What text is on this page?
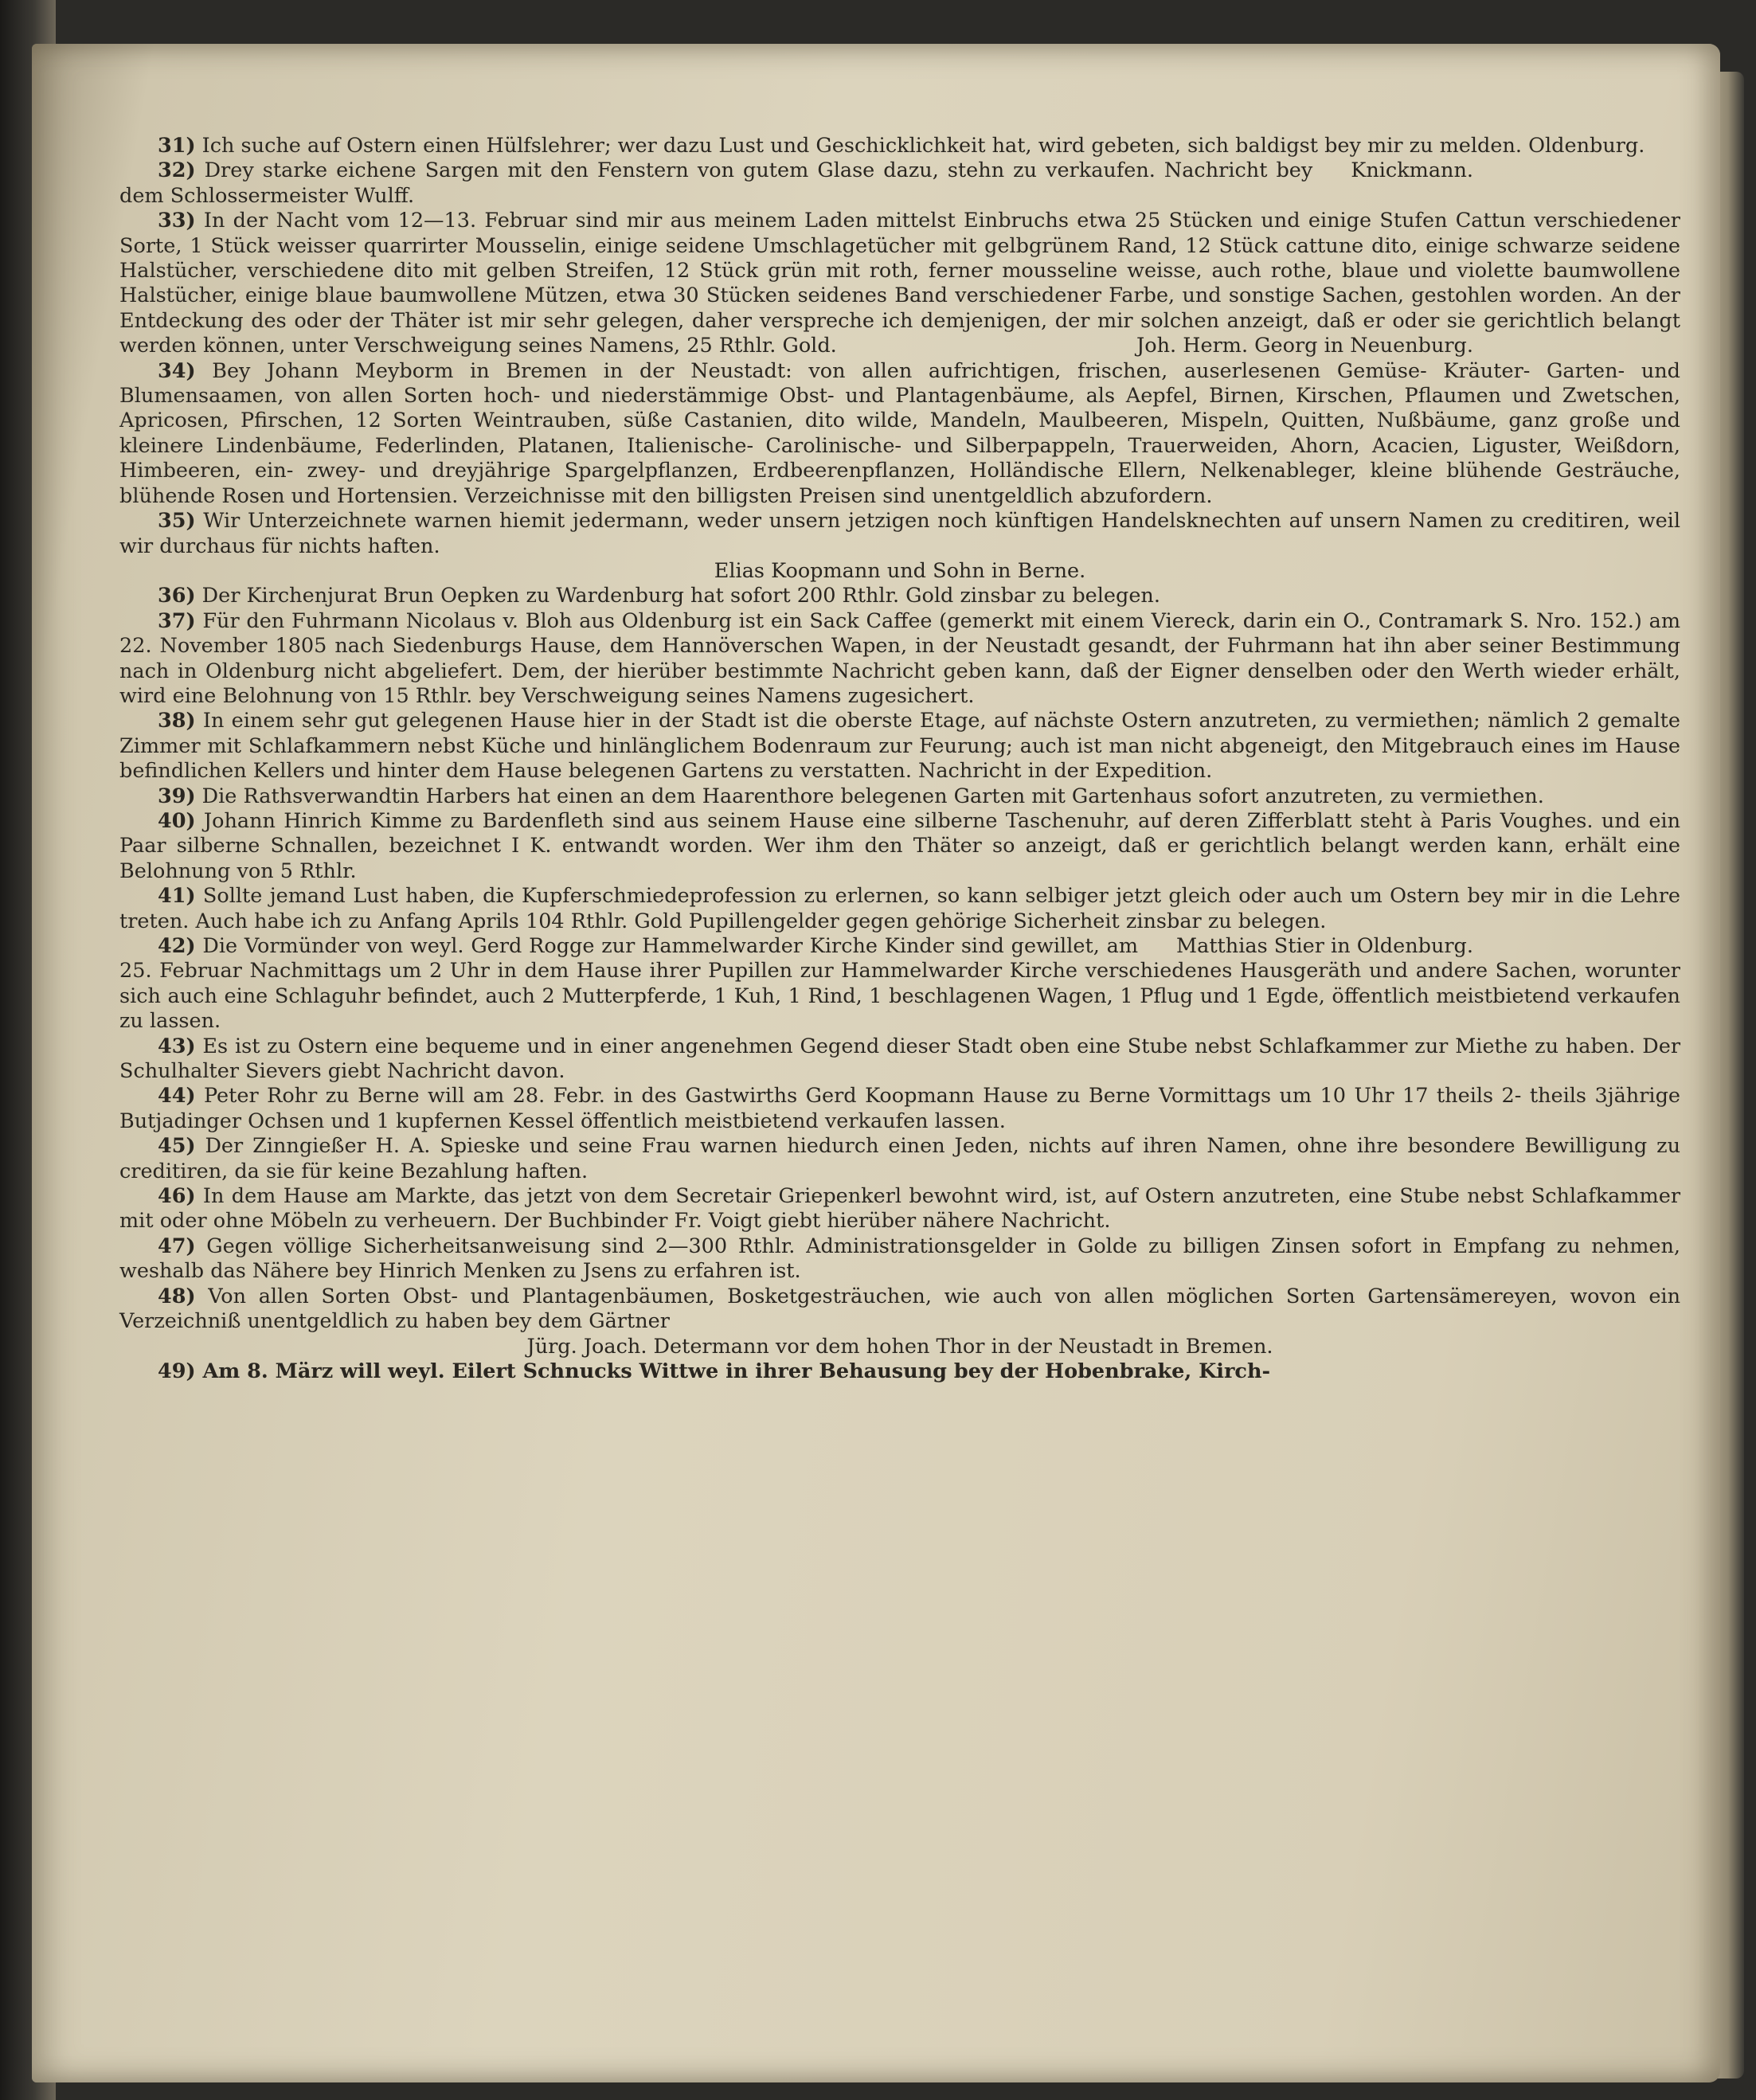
31) Ich suche auf Ostern einen Hülfslehrer; wer dazu Lust und Geschicklichkeit hat, wird gebeten, sich baldigst bey mir zu melden. Oldenburg.
Knickmann.

32) Drey starke eichene Sargen mit den Fenstern von gutem Glase dazu, stehn zu verkaufen. Nachricht bey dem Schlossermeister Wulff.

33) In der Nacht vom 12—13. Februar sind mir aus meinem Laden mittelst Einbruchs etwa 25 Stücken und einige Stufen Cattun verschiedener Sorte, 1 Stück weisser quarrirter Mousselin, einige seidene Umschlagetücher mit gelbgrünem Rand, 12 Stück cattune dito, einige schwarze seidene Halstücher, verschiedene dito mit gelben Streifen, 12 Stück grün mit roth, ferner mousseline weisse, auch rothe, blaue und violette baumwollene Halstücher, einige blaue baumwollene Mützen, etwa 30 Stücken seidenes Band verschiedener Farbe, und sonstige Sachen, gestohlen worden. An der Entdeckung des oder der Thäter ist mir sehr gelegen, daher verspreche ich demjenigen, der mir solchen anzeigt, daß er oder sie gerichtlich belangt werden können, unter Verschweigung seines Namens, 25 Rthlr. Gold.	Joh. Herm. Georg in Neuenburg.

34) Bey Johann Meyborm in Bremen in der Neustadt: von allen aufrichtigen, frischen, auserlesenen Gemüse- Kräuter- Garten- und Blumensaamen, von allen Sorten hoch- und niederstämmige Obst- und Plantagenbäume, als Aepfel, Birnen, Kirschen, Pflaumen und Zwetschen, Apricosen, Pfirschen, 12 Sorten Weintrauben, süße Castanien, dito wilde, Mandeln, Maulbeeren, Mispeln, Quitten, Nußbäume, ganz große und kleinere Lindenbäume, Federlinden, Platanen, Italienische- Carolinische- und Silberpappeln, Trauerweiden, Ahorn, Acacien, Liguster, Weißdorn, Himbeeren, ein- zwey- und dreyjährige Spargelpflanzen, Erdbeerenpflanzen, Holländische Ellern, Nelkenableger, kleine blühende Gesträuche, blühende Rosen und Hortensien. Verzeichnisse mit den billigsten Preisen sind unentgeldlich abzufordern.

35) Wir Unterzeichnete warnen hiemit jedermann, weder unsern jetzigen noch künftigen Handelsknechten auf unsern Namen zu creditiren, weil wir durchaus für nichts haften.
Elias Koopmann und Sohn in Berne.

36) Der Kirchenjurat Brun Oepken zu Wardenburg hat sofort 200 Rthlr. Gold zinsbar zu belegen.

37) Für den Fuhrmann Nicolaus v. Bloh aus Oldenburg ist ein Sack Caffee (gemerkt mit einem Viereck, darin ein O., Contramark S. Nro. 152.) am 22. November 1805 nach Siedenburgs Hause, dem Hannöverschen Wapen, in der Neustadt gesandt, der Fuhrmann hat ihn aber seiner Bestimmung nach in Oldenburg nicht abgeliefert. Dem, der hierüber bestimmte Nachricht geben kann, daß der Eigner denselben oder den Werth wieder erhält, wird eine Belohnung von 15 Rthlr. bey Verschweigung seines Namens zugesichert.

38) In einem sehr gut gelegenen Hause hier in der Stadt ist die oberste Etage, auf nächste Ostern anzutreten, zu vermiethen; nämlich 2 gemalte Zimmer mit Schlafkammern nebst Küche und hinlänglichem Bodenraum zur Feurung; auch ist man nicht abgeneigt, den Mitgebrauch eines im Hause befindlichen Kellers und hinter dem Hause belegenen Gartens zu verstatten. Nachricht in der Expedition.

39) Die Rathsverwandtin Harbers hat einen an dem Haarenthore belegenen Garten mit Gartenhaus sofort anzutreten, zu vermiethen.

40) Johann Hinrich Kimme zu Bardenfleth sind aus seinem Hause eine silberne Taschenuhr, auf deren Zifferblatt steht à Paris Voughes. und ein Paar silberne Schnallen, bezeichnet I K. entwandt worden. Wer ihm den Thäter so anzeigt, daß er gerichtlich belangt werden kann, erhält eine Belohnung von 5 Rthlr.

41) Sollte jemand Lust haben, die Kupferschmiedeprofession zu erlernen, so kann selbiger jetzt gleich oder auch um Ostern bey mir in die Lehre treten. Auch habe ich zu Anfang Aprils 104 Rthlr. Gold Pupillengelder gegen gehörige Sicherheit zinsbar zu belegen.
Matthias Stier in Oldenburg.

42) Die Vormünder von weyl. Gerd Rogge zur Hammelwarder Kirche Kinder sind gewillet, am 25. Februar Nachmittags um 2 Uhr in dem Hause ihrer Pupillen zur Hammelwarder Kirche verschiedenes Hausgeräth und andere Sachen, worunter sich auch eine Schlaguhr befindet, auch 2 Mutterpferde, 1 Kuh, 1 Rind, 1 beschlagenen Wagen, 1 Pflug und 1 Egde, öffentlich meistbietend verkaufen zu lassen.

43) Es ist zu Ostern eine bequeme und in einer angenehmen Gegend dieser Stadt oben eine Stube nebst Schlafkammer zur Miethe zu haben. Der Schulhalter Sievers giebt Nachricht davon.

44) Peter Rohr zu Berne will am 28. Febr. in des Gastwirths Gerd Koopmann Hause zu Berne Vormittags um 10 Uhr 17 theils 2- theils 3jährige Butjadinger Ochsen und 1 kupfernen Kessel öffentlich meistbietend verkaufen lassen.

45) Der Zinngießer H. A. Spieske und seine Frau warnen hiedurch einen Jeden, nichts auf ihren Namen, ohne ihre besondere Bewilligung zu creditiren, da sie für keine Bezahlung haften.

46) In dem Hause am Markte, das jetzt von dem Secretair Griepenkerl bewohnt wird, ist, auf Ostern anzutreten, eine Stube nebst Schlafkammer mit oder ohne Möbeln zu verheuern. Der Buchbinder Fr. Voigt giebt hierüber nähere Nachricht.

47) Gegen völlige Sicherheitsanweisung sind 2—300 Rthlr. Administrationsgelder in Golde zu billigen Zinsen sofort in Empfang zu nehmen, weshalb das Nähere bey Hinrich Menken zu Jsens zu erfahren ist.

48) Von allen Sorten Obst- und Plantagenbäumen, Bosketgesträuchen, wie auch von allen möglichen Sorten Gartensämereyen, wovon ein Verzeichniß unentgeldlich zu haben bey dem Gärtner
Jürg. Joach. Determann vor dem hohen Thor in der Neustadt in Bremen.

49) Am 8. März will weyl. Eilert Schnucks Wittwe in ihrer Behausung bey der Hobenbrake, Kirch-
